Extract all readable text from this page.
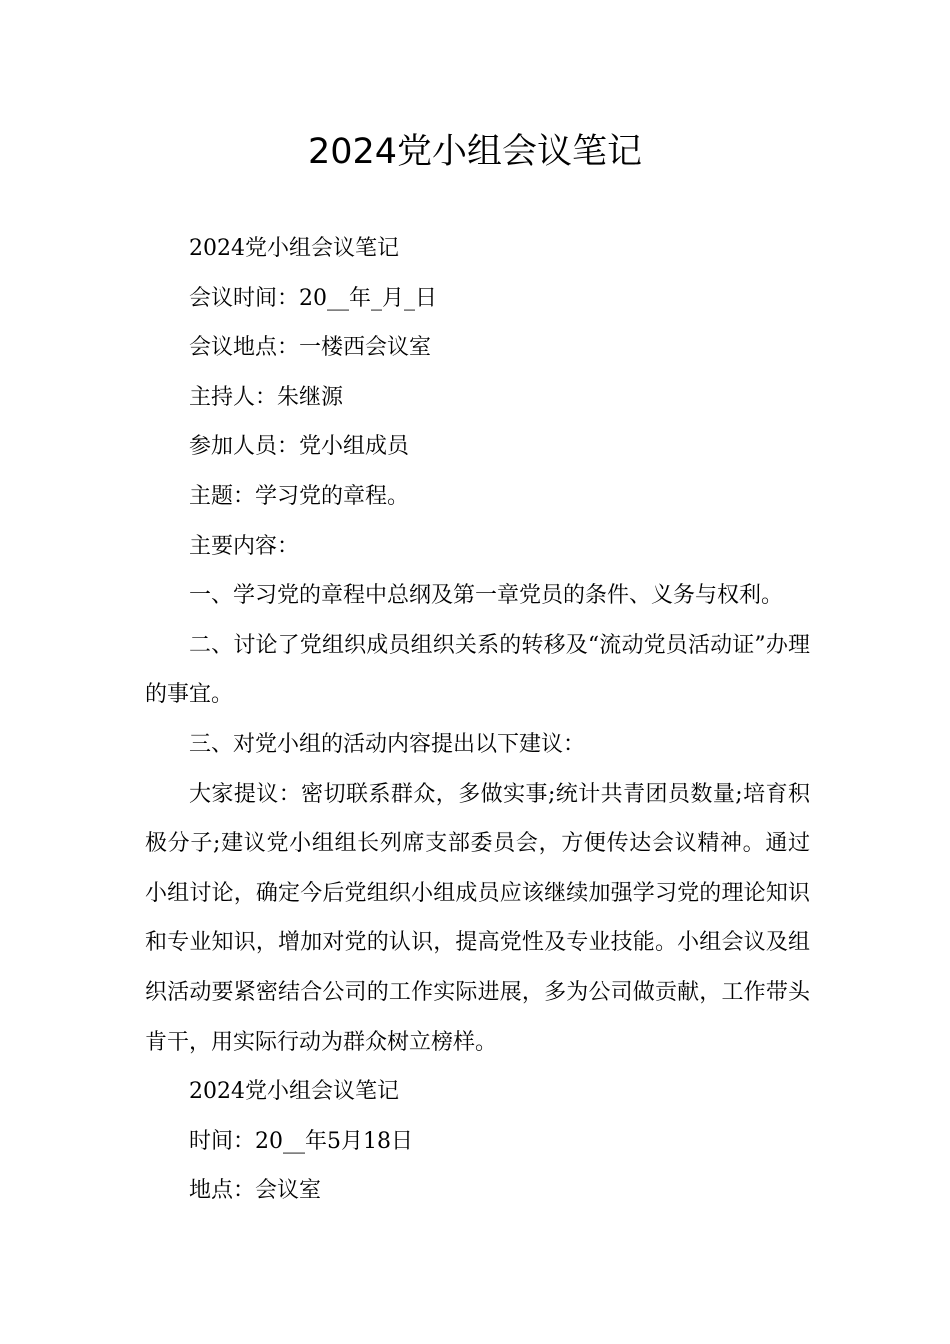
2024党小组会议笔记

2024党小组会议笔记

会议时间：20__年_月_日

会议地点：一楼西会议室

主持人：朱继源

参加人员：党小组成员

主题：学习党的章程。

主要内容：

一、学习党的章程中总纲及第一章党员的条件、义务与权利。

二、讨论了党组织成员组织关系的转移及“流动党员活动证”办理的事宜。

三、对党小组的活动内容提出以下建议：

大家提议：密切联系群众，多做实事;统计共青团员数量;培育积极分子;建议党小组组长列席支部委员会，方便传达会议精神。通过小组讨论，确定今后党组织小组成员应该继续加强学习党的理论知识和专业知识，增加对党的认识，提高党性及专业技能。小组会议及组织活动要紧密结合公司的工作实际进展，多为公司做贡献，工作带头肯干，用实际行动为群众树立榜样。

2024党小组会议笔记

时间：20__年5月18日

地点：会议室
